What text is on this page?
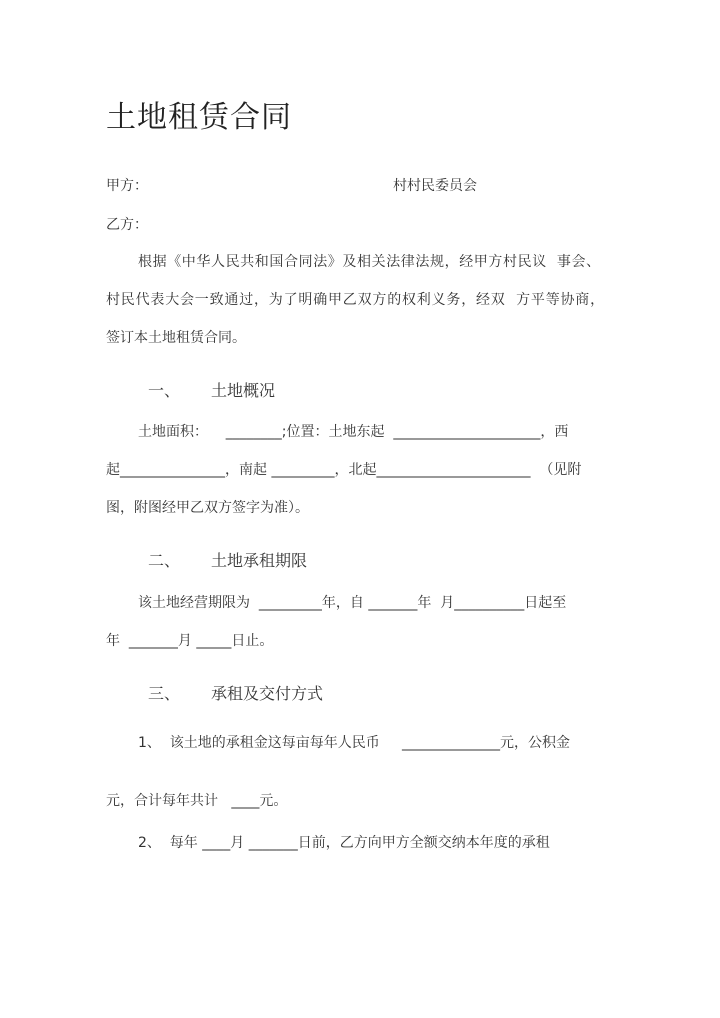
土地租赁合同
甲方：	村村民委员会
乙方：
根据《中华人民共和国合同法》及相关法律法规，经甲方村民议  事会、
村民代表大会一致通过，为了明确甲乙双方的权利义务，经双  方平等协商，
签订本土地租赁合同。
一、 土地概况
土地面积：    ________;位置：土地东起  _____________________，西
起_______________，南起 _________，北起______________________  （见附
图，附图经甲乙双方签字为准）。
二、 土地承租期限
该土地经营期限为  _________年，自 _______年  月__________日起至
年  _______月 _____日止。
三、 承租及交付方式
1、  该土地的承租金这每亩每年人民币     ______________元，公积金
元，合计每年共计   ____元。
2、  每年 ____月 _______日前，乙方向甲方全额交纳本年度的承租
